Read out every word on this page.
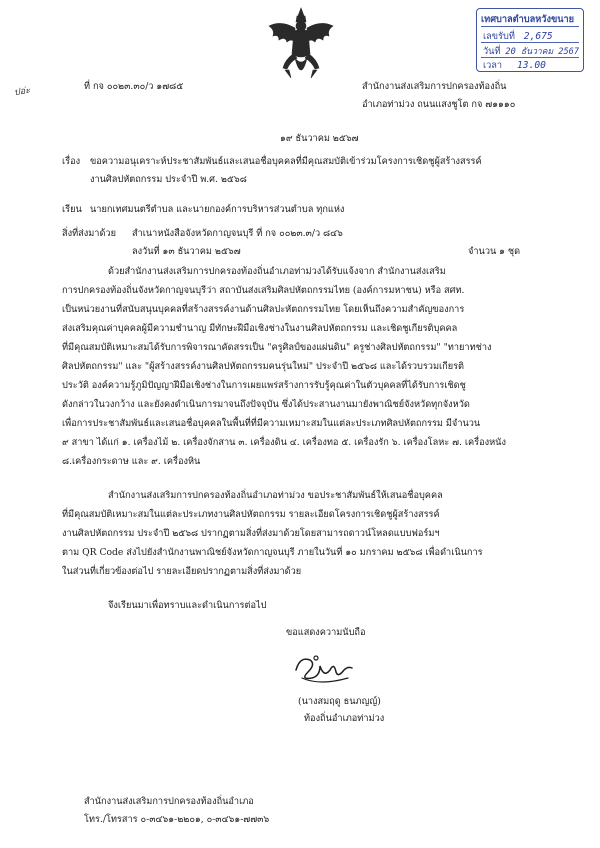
ปอ่ะ
เทศบาลตำบลหวังขนาย
เลขรับที่ 2,675
วันที่ 20 ธันวาคม 2567
เวลา 13.00
ที่ กจ ๐๐๒๓.๓๐/ว ๑๗๘๕	สำนักงานส่งเสริมการปกครองท้องถิ่น
อำเภอท่าม่วง ถนนแสงชูโต กจ ๗๑๑๑๐
๑๙ ธันวาคม ๒๕๖๗
เรื่อง ขอความอนุเคราะห์ประชาสัมพันธ์และเสนอชื่อบุคคลที่มีคุณสมบัติเข้าร่วมโครงการเชิดชูผู้สร้างสรรค์
งานศิลปหัตถกรรม ประจำปี พ.ศ. ๒๕๖๘
เรียน นายกเทศมนตรีตำบล และนายกองค์การบริหารส่วนตำบล ทุกแห่ง
สิ่งที่ส่งมาด้วย สำเนาหนังสือจังหวัดกาญจนบุรี ที่ กจ ๐๐๒๓.๓/ว ๘๔๖
ลงวันที่ ๑๓ ธันวาคม ๒๕๖๗	จำนวน ๑ ชุด
ด้วยสำนักงานส่งเสริมการปกครองท้องถิ่นอำเภอท่าม่วงได้รับแจ้งจาก สำนักงานส่งเสริม
การปกครองท้องถิ่นจังหวัดกาญจนบุรีว่า สถาบันส่งเสริมศิลปหัตถกรรมไทย (องค์การมหาชน) หรือ สศท.
เป็นหน่วยงานที่สนับสนุนบุคคลที่สร้างสรรค์งานด้านศิลปะหัตถกรรมไทย โดยเห็นถึงความสำคัญของการ
ส่งเสริมคุณค่าบุคคลผู้มีความชำนาญ มีทักษะฝีมือเชิงช่างในงานศิลปหัตถกรรม และเชิดชูเกียรติบุคคล
ที่มีคุณสมบัติเหมาะสมได้รับการพิจารณาคัดสรรเป็น "ครูศิลป์ของแผ่นดิน" ครูช่างศิลปหัตถกรรม" "ทายาทช่าง
ศิลปหัตถกรรม" และ "ผู้สร้างสรรค์งานศิลปหัตถกรรมคนรุ่นใหม่" ประจำปี ๒๕๖๘ และได้รวบรวมเกียรติ
ประวัติ องค์ความรู้ภูมิปัญญาฝีมือเชิงช่างในการเผยแพร่สร้างการรับรู้คุณค่าในตัวบุคคลที่ได้รับการเชิดชู
ดังกล่าวในวงกว้าง และยังคงดำเนินการมาจนถึงปัจจุบัน ซึ่งได้ประสานงานมายังพาณิชย์จังหวัดทุกจังหวัด
เพื่อการประชาสัมพันธ์และเสนอชื่อบุคคลในพื้นที่ที่มีความเหมาะสมในแต่ละประเภทศิลปหัตถกรรม มีจำนวน
๙ สาขา ได้แก่ ๑. เครื่องไม้ ๒. เครื่องจักสาน ๓. เครื่องดิน ๔. เครื่องทอ ๕. เครื่องรัก ๖. เครื่องโลหะ ๗. เครื่องหนัง
๘.เครื่องกระดาษ และ ๙. เครื่องหิน
สำนักงานส่งเสริมการปกครองท้องถิ่นอำเภอท่าม่วง ขอประชาสัมพันธ์ให้เสนอชื่อบุคคล
ที่มีคุณสมบัติเหมาะสมในแต่ละประเภทงานศิลปหัตถกรรม รายละเอียดโครงการเชิดชูผู้สร้างสรรค์
งานศิลปหัตถกรรม ประจำปี ๒๕๖๘ ปรากฏตามสิ่งที่ส่งมาด้วยโดยสามารถดาวน์โหลดแบบฟอร์มฯ
ตาม QR Code ส่งไปยังสำนักงานพาณิชย์จังหวัดกาญจนบุรี ภายในวันที่ ๑๐ มกราคม ๒๕๖๘ เพื่อดำเนินการ
ในส่วนที่เกี่ยวข้องต่อไป รายละเอียดปรากฏตามสิ่งที่ส่งมาด้วย
จึงเรียนมาเพื่อทราบและดำเนินการต่อไป
ขอแสดงความนับถือ
(นางสมฤดู ธนภญญ์)
ท้องถิ่นอำเภอท่าม่วง
สำนักงานส่งเสริมการปกครองท้องถิ่นอำเภอ
โทร./โทรสาร ๐-๓๔๖๑-๒๒๐๑, ๐-๓๔๖๑-๗๗๓๖
